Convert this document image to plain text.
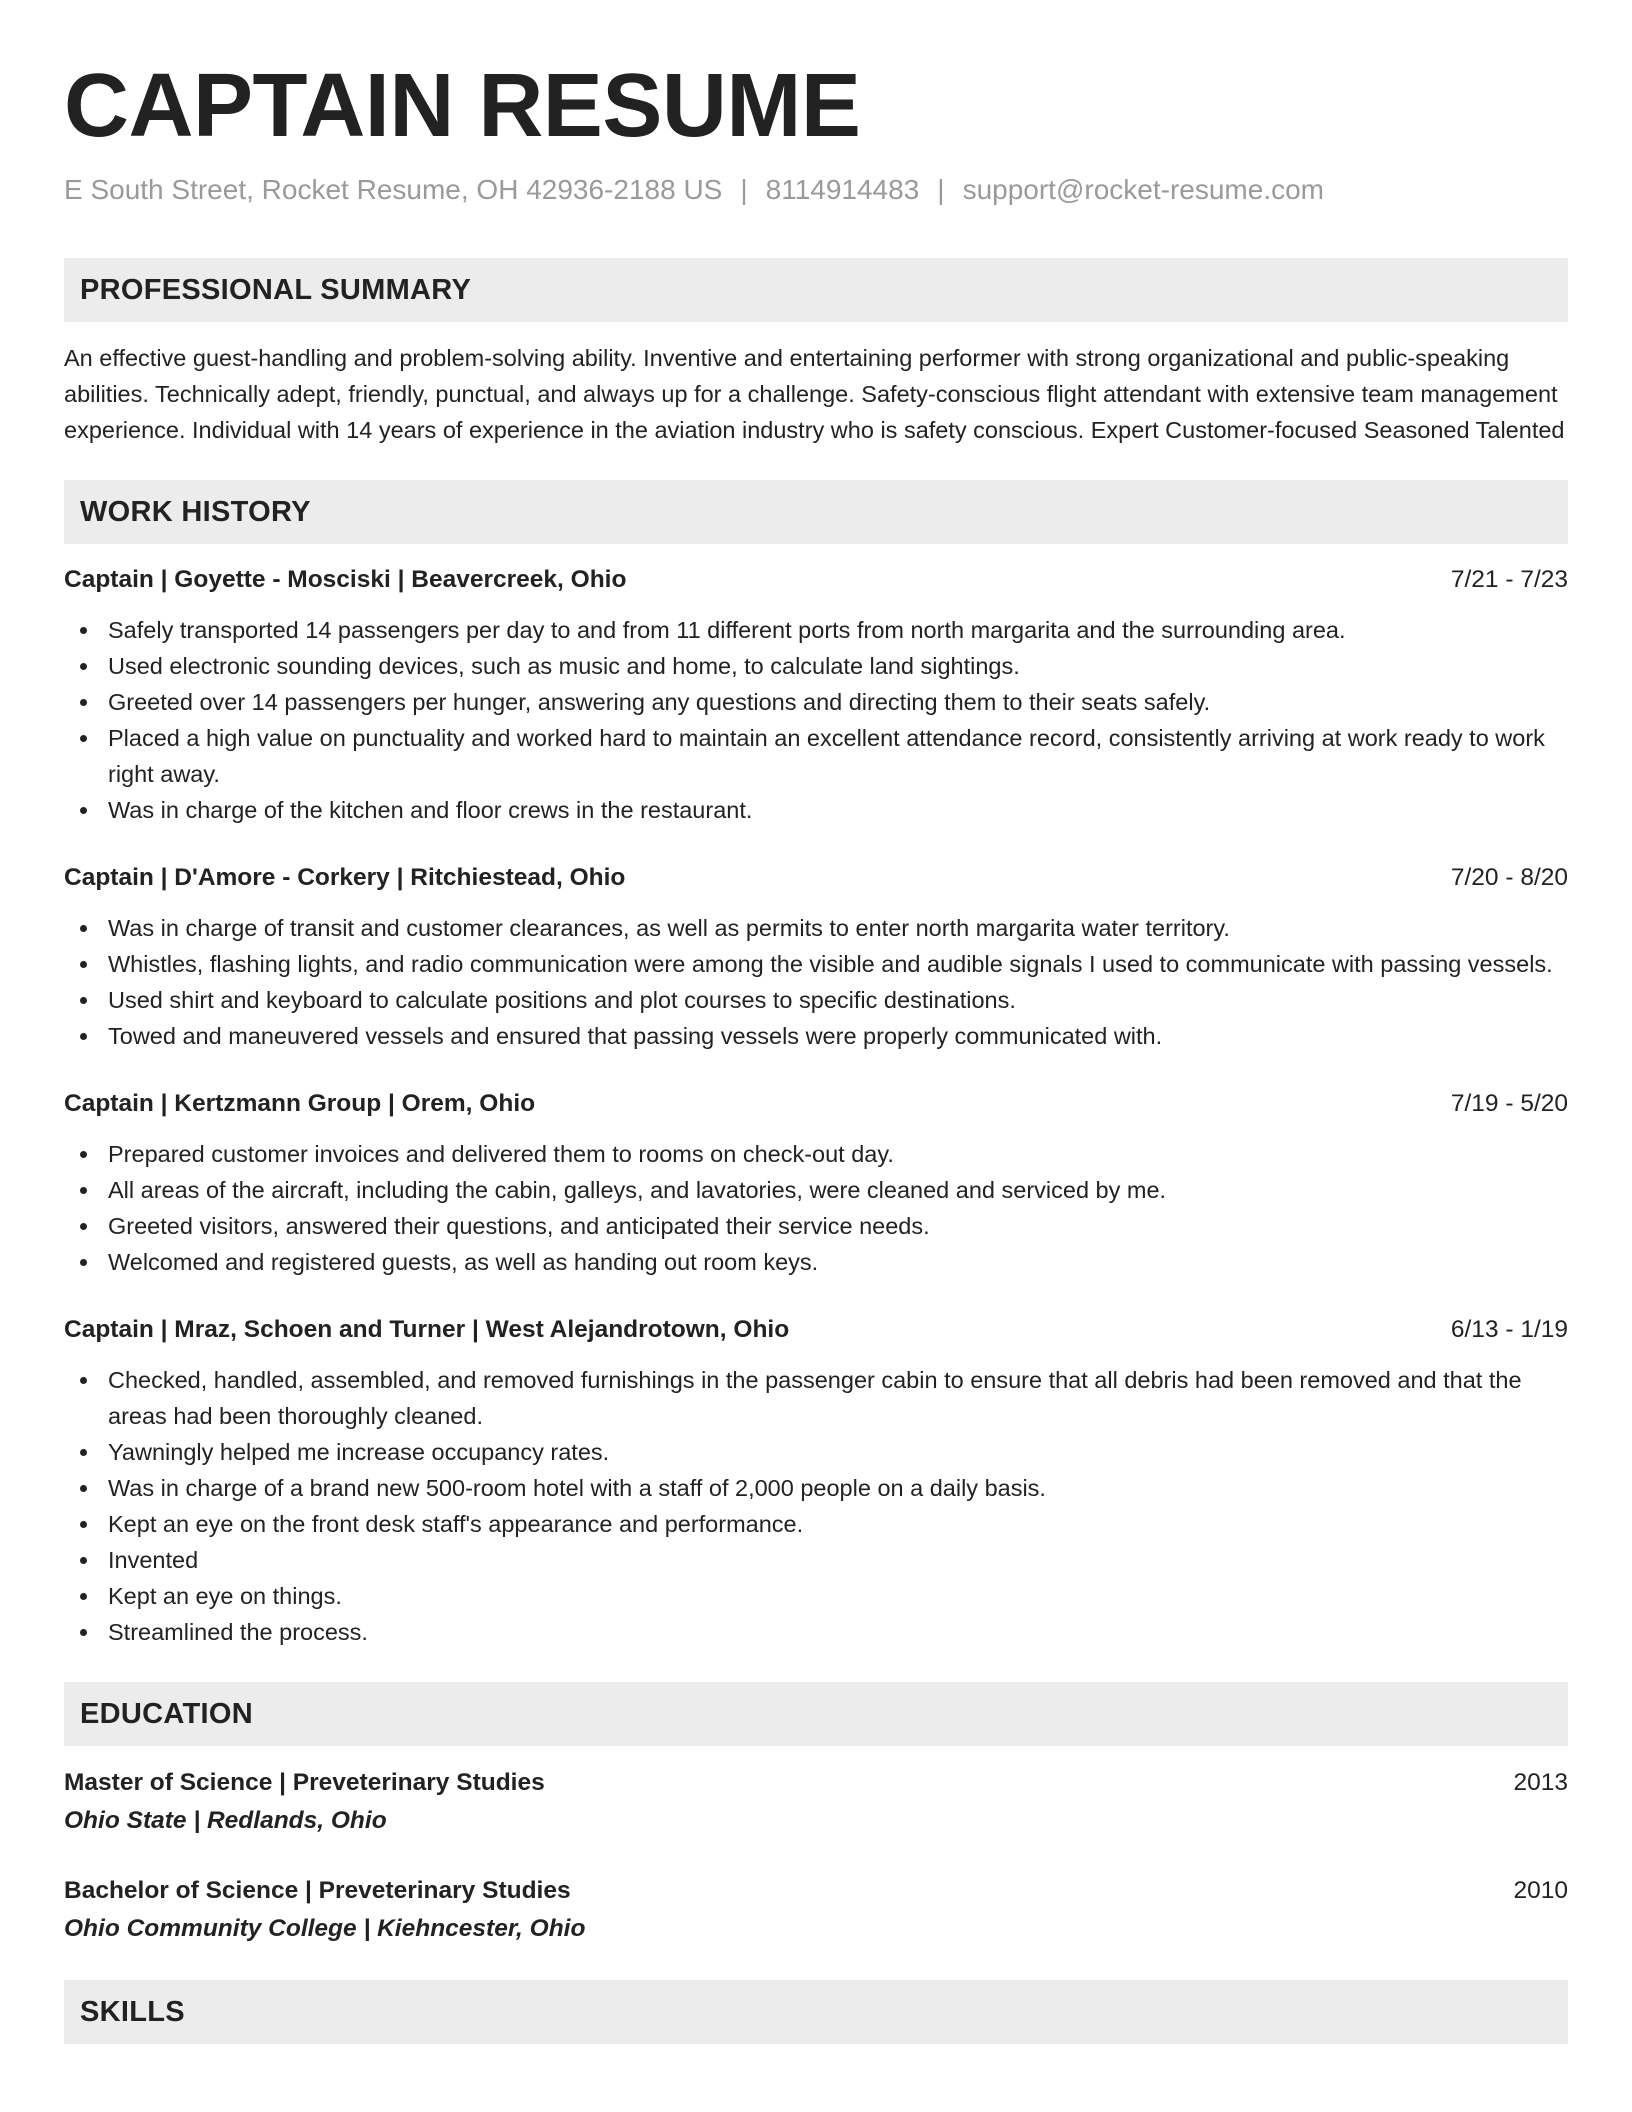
CAPTAIN RESUME
E South Street, Rocket Resume, OH 42936-2188 US | 8114914483 | support@rocket-resume.com
PROFESSIONAL SUMMARY
An effective guest-handling and problem-solving ability. Inventive and entertaining performer with strong organizational and public-speaking abilities. Technically adept, friendly, punctual, and always up for a challenge. Safety-conscious flight attendant with extensive team management experience. Individual with 14 years of experience in the aviation industry who is safety conscious. Expert Customer-focused Seasoned Talented
WORK HISTORY
Captain | Goyette - Mosciski | Beavercreek, Ohio	7/21 - 7/23
Safely transported 14 passengers per day to and from 11 different ports from north margarita and the surrounding area.
Used electronic sounding devices, such as music and home, to calculate land sightings.
Greeted over 14 passengers per hunger, answering any questions and directing them to their seats safely.
Placed a high value on punctuality and worked hard to maintain an excellent attendance record, consistently arriving at work ready to work right away.
Was in charge of the kitchen and floor crews in the restaurant.
Captain | D'Amore - Corkery | Ritchiestead, Ohio	7/20 - 8/20
Was in charge of transit and customer clearances, as well as permits to enter north margarita water territory.
Whistles, flashing lights, and radio communication were among the visible and audible signals I used to communicate with passing vessels.
Used shirt and keyboard to calculate positions and plot courses to specific destinations.
Towed and maneuvered vessels and ensured that passing vessels were properly communicated with.
Captain | Kertzmann Group | Orem, Ohio	7/19 - 5/20
Prepared customer invoices and delivered them to rooms on check-out day.
All areas of the aircraft, including the cabin, galleys, and lavatories, were cleaned and serviced by me.
Greeted visitors, answered their questions, and anticipated their service needs.
Welcomed and registered guests, as well as handing out room keys.
Captain | Mraz, Schoen and Turner | West Alejandrotown, Ohio	6/13 - 1/19
Checked, handled, assembled, and removed furnishings in the passenger cabin to ensure that all debris had been removed and that the areas had been thoroughly cleaned.
Yawningly helped me increase occupancy rates.
Was in charge of a brand new 500-room hotel with a staff of 2,000 people on a daily basis.
Kept an eye on the front desk staff's appearance and performance.
Invented
Kept an eye on things.
Streamlined the process.
EDUCATION
Master of Science | Preveterinary Studies	2013
Ohio State | Redlands, Ohio
Bachelor of Science | Preveterinary Studies	2010
Ohio Community College | Kiehncester, Ohio
SKILLS
